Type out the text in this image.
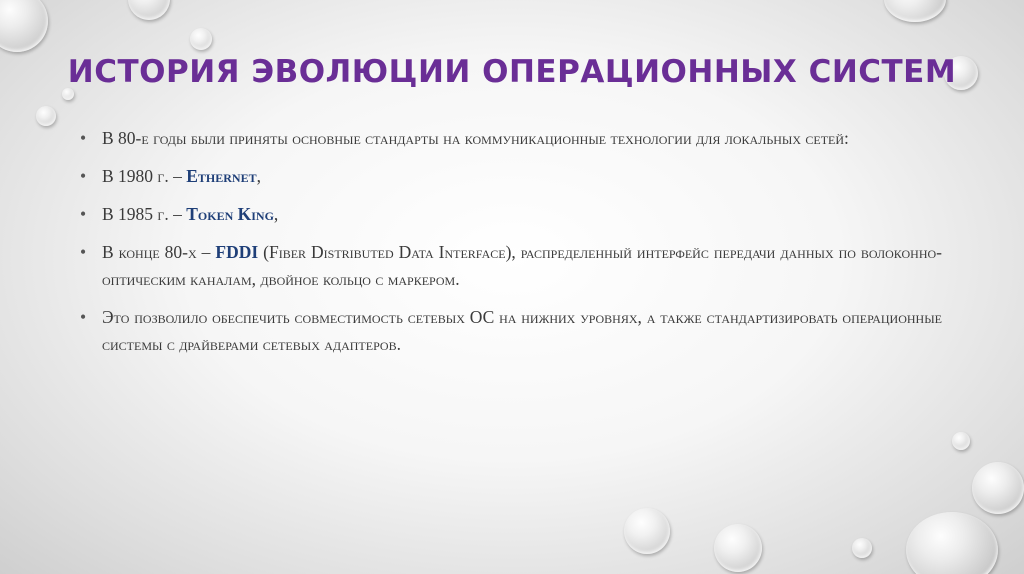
ИСТОРИЯ ЭВОЛЮЦИИ ОПЕРАЦИОННЫХ СИСТЕМ
• В 80-е годы были приняты основные стандарты на коммуникационные технологии для локальных сетей:
• В 1980 г. – Ethernet,
• В 1985 г. – Token King,
• В конце 80-х – FDDI (Fiber Distributed Data Interface), распределенный интерфейс передачи данных по волоконно-оптическим каналам, двойное кольцо с маркером.
• Это позволило обеспечить совместимость сетевых ОС на нижних уровнях, а также стандартизировать операционные системы с драйверами сетевых адаптеров.
